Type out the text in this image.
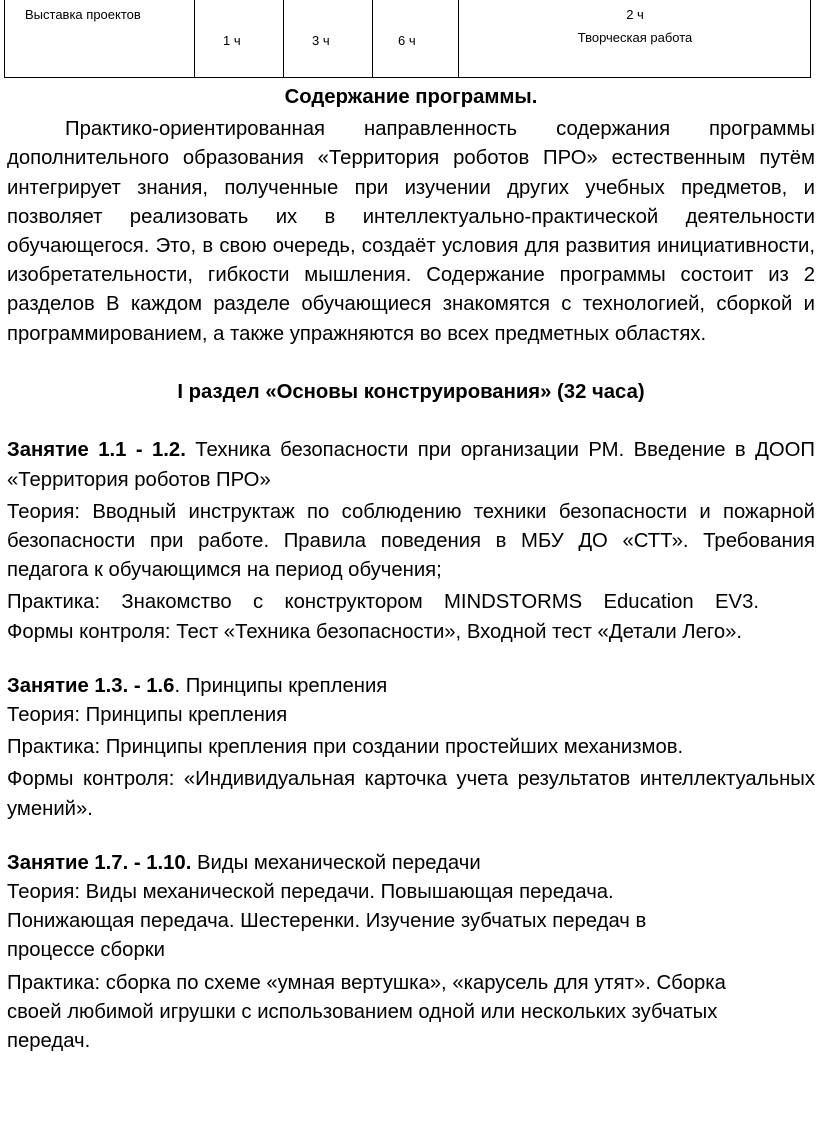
Выставка проектов
1 ч	3 ч	6 ч
2 ч
Творческая работа

Содержание программы.

Практико-ориентированная направленность содержания программы дополнительного образования «Территория роботов ПРО» естественным путём интегрирует знания, полученные при изучении других учебных предметов, и позволяет реализовать их в интеллектуально-практической деятельности обучающегося. Это, в свою очередь, создаёт условия для развития инициативности, изобретательности, гибкости мышления. Содержание программы состоит из 2 разделов В каждом разделе обучающиеся знакомятся с технологией, сборкой и программированием, а также упражняются во всех предметных областях.

I раздел «Основы конструирования» (32 часа)

Занятие 1.1 - 1.2. Техника безопасности при организации РМ. Введение в ДООП «Территория роботов ПРО»

Теория: Вводный инструктаж по соблюдению техники безопасности и пожарной безопасности при работе. Правила поведения в МБУ ДО «СТТ». Требования педагога к обучающимся на период обучения;

Практика: Знакомство с конструктором MINDSTORMS Education EV3.

Формы контроля: Тест «Техника безопасности», Входной тест «Детали Лего».

Занятие 1.3. - 1.6. Принципы крепления

Теория: Принципы крепления

Практика: Принципы крепления при создании простейших механизмов.

Формы контроля: «Индивидуальная карточка учета результатов интеллектуальных умений».

Занятие 1.7. - 1.10. Виды механической передачи

Теория: Виды механической передачи. Повышающая передача. Понижающая передача. Шестеренки. Изучение зубчатых передач в процессе сборки

Практика: сборка по схеме «умная вертушка», «карусель для утят». Сборка своей любимой игрушки с использованием одной или нескольких зубчатых передач.
